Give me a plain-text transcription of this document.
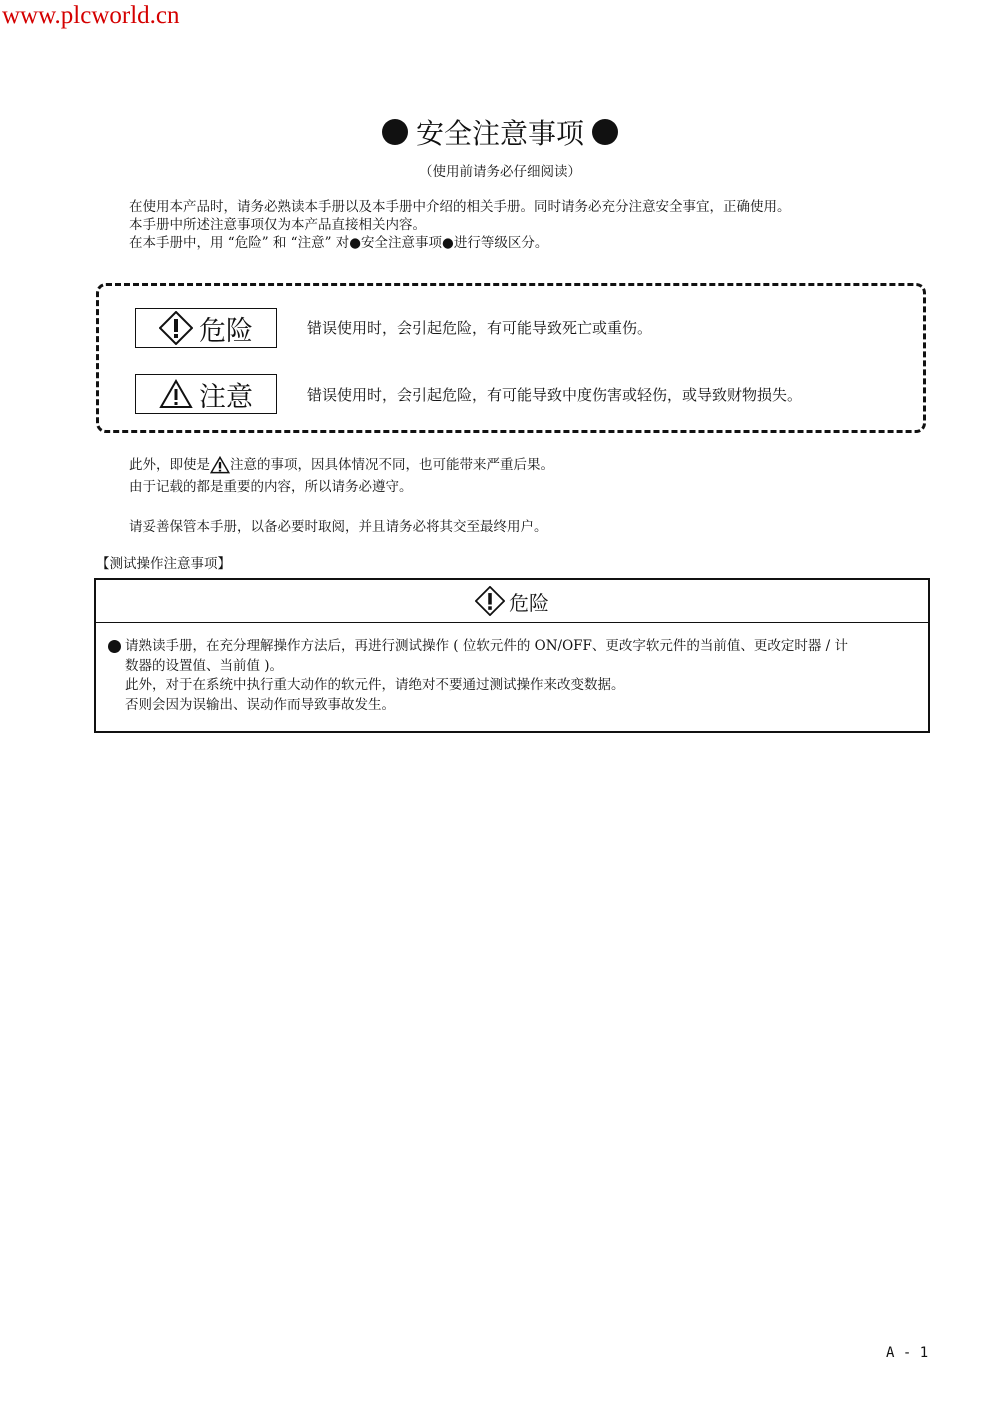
www.plcworld.cn
安全注意事项
（使用前请务必仔细阅读）

在使用本产品时，请务必熟读本手册以及本手册中介绍的相关手册。同时请务必充分注意安全事宜，正确使用。

本手册中所述注意事项仅为本产品直接相关内容。

在本手册中，用 “危险” 和 “注意” 对●安全注意事项●进行等级区分。

危险	错误使用时，会引起危险，有可能导致死亡或重伤。
注意	错误使用时，会引起危险，有可能导致中度伤害或轻伤，或导致财物损失。

此外，即使是 注意的事项，因具体情况不同，也可能带来严重后果。

由于记载的都是重要的内容，所以请务必遵守。

请妥善保管本手册，以备必要时取阅，并且请务必将其交至最终用户。
【测试操作注意事项】
危险
请熟读手册，在充分理解操作方法后，再进行测试操作 ( 位软元件的 ON/OFF、更改字软元件的当前值、更改定时器 / 计
数器的设置值、当前值 )。
此外，对于在系统中执行重大动作的软元件，请绝对不要通过测试操作来改变数据。
否则会因为误输出、误动作而导致事故发生。
A - 1
